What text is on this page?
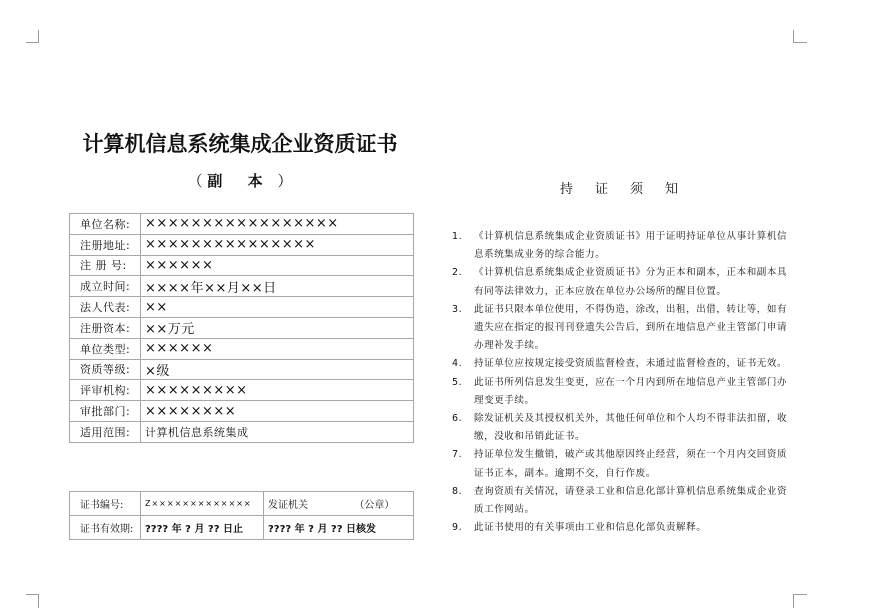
计算机信息系统集成企业资质证书
（ 副 本 ）
单位名称:	×××××××××××××××××
注册地址:	×××××××××××××××
注 册 号:	××××××
成立时间:	××××年××月××日
法人代表:	××
注册资本:	××万元
单位类型:	××××××
资质等级:	×级
评审机构:	×××××××××
审批部门:	××××××××
适用范围:	计算机信息系统集成
证书编号:	Z×××××××××××××	发证机关 （公章）
证书有效期:	???? 年 ? 月 ?? 日止	???? 年 ? 月 ?? 日核发
持证须知
1. 《计算机信息系统集成企业资质证书》用于证明持证单位从事计算机信息系统集成业务的综合能力。
2. 《计算机信息系统集成企业资质证书》分为正本和副本，正本和副本具有同等法律效力，正本应放在单位办公场所的醒目位置。
3. 此证书只限本单位使用，不得伪造，涂改，出租，出借，转让等，如有遗失应在指定的报刊刊登遗失公告后，到所在地信息产业主管部门申请办理补发手续。
4. 持证单位应按规定接受资质监督检查，未通过监督检查的，证书无效。
5. 此证书所列信息发生变更，应在一个月内到所在地信息产业主管部门办理变更手续。
6. 除发证机关及其授权机关外，其他任何单位和个人均不得非法扣留，收缴，没收和吊销此证书。
7. 持证单位发生撤销，破产或其他原因终止经营，须在一个月内交回资质证书正本，副本。逾期不交，自行作废。
8. 查询资质有关情况，请登录工业和信息化部计算机信息系统集成企业资质工作网站。
9. 此证书使用的有关事项由工业和信息化部负责解释。
